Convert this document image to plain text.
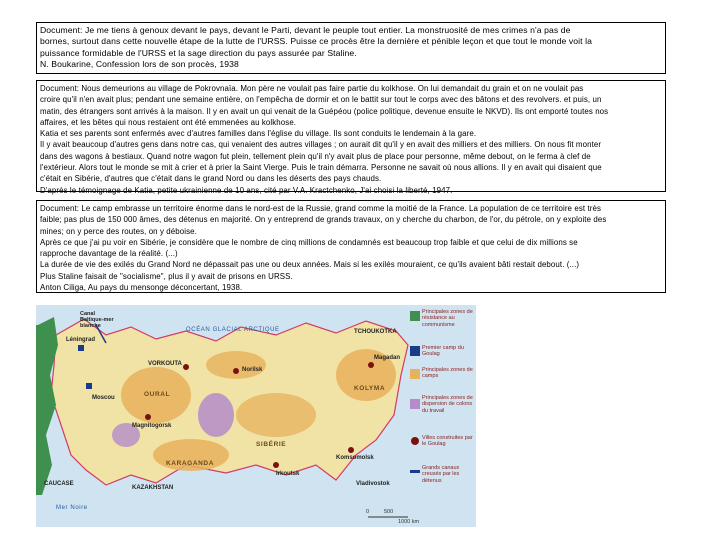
Document: Je me tiens à genoux devant le pays, devant le Parti, devant le peuple tout entier. La monstruosité de mes crimes n'a pas de

bornes, surtout dans cette nouvelle étape de la lutte de l'URSS. Puisse ce procès être la dernière et pénible leçon et que tout le monde voit la

puissance formidable de l'URSS et la sage direction du pays assurée par Staline.

N. Boukarine, Confession lors de son procès, 1938

Document: Nous demeurions au village de Pokrovnaïa. Mon père ne voulait pas faire partie du kolkhose. On lui demandait du grain et on ne voulait pas

croire qu'il n'en avait plus; pendant une semaine entière, on l'empêcha de dormir et on le battit sur tout le corps avec des bâtons et des revolvers. et puis, un

matin, des étrangers sont arrivés à la maison. Il y en avait un qui venait de la Guépéou (police politique, devenue ensuite le NKVD). Ils ont emporté toutes nos

affaires, et les bêtes qui nous restaient ont été emmenées au kolkhose.

Katia et ses parents sont enfermés avec d'autres familles dans l'église du village. Ils sont conduits le lendemain à la gare.

Il y avait beaucoup d'autres gens dans notre cas, qui venaient des autres villages ; on aurait dit qu'il y en avait des milliers et des milliers. On nous fit monter

dans des wagons à bestiaux. Quand notre wagon fut plein, tellement plein qu'il n'y avait plus de place pour personne, même debout, on le ferma à clef de

l'extérieur. Alors tout le monde se mit à crier et à prier la Saint Vierge. Puis le train démarra. Personne ne savait où nous allions. Il y en avait qui disaient que

c'était en Sibérie, d'autres que c'était dans le grand Nord ou dans les déserts des pays chauds.

D'après le témoignage de Katia, petite ukrainienne de 10 ans, cité par V.A. Kractchenko, J'ai choisi la liberté, 1947.

Document: Le camp embrasse un territoire énorme dans le nord-est de la Russie, grand comme la moitié de la France. La population de ce territoire est très

faible; pas plus de 150 000 âmes, des détenus en majorité. On y entreprend de grands travaux, on y cherche du charbon, de l'or, du pétrole, on y exploite des

mines; on y perce des routes, on y déboise.

Après ce que j'ai pu voir en Sibérie, je considère que le nombre de cinq millions de condamnés est beaucoup trop faible et que celui de dix millions se

rapproche davantage de la réalité. (...)

La durée de vie des exilés du Grand Nord ne dépassait pas une ou deux années. Mais si les exilés mouraient, ce qu'ils avaient bâti restait debout. (...)

Plus Staline faisait de "socialisme", plus il y avait de prisons en URSS.

Anton Ciliga, Au pays du mensonge déconcertant, 1938.

OCÉAN GLACIAL ARCTIQUE	TCHOUKOTKA
Canal Baltique-mer blanche
Léningrad
Moscou
VORKOUTA
Norilsk
OURAL
Magnitogorsk
SIBÉRIE
KARAGANDA
KAZAKHSTAN
CAUCASE
Irkoutsk
Komsomolsk
Vladivostok
Magadan
KOLYMA
Mer Noire
0	500
1000 km
Principales zones de résistance au communisme
Premier camp du Goulag
Principales zones de camps
Principales zones de dispersion de colons du travail
Villes construites par le Goulag
Grands canaux creusés par les détenus
